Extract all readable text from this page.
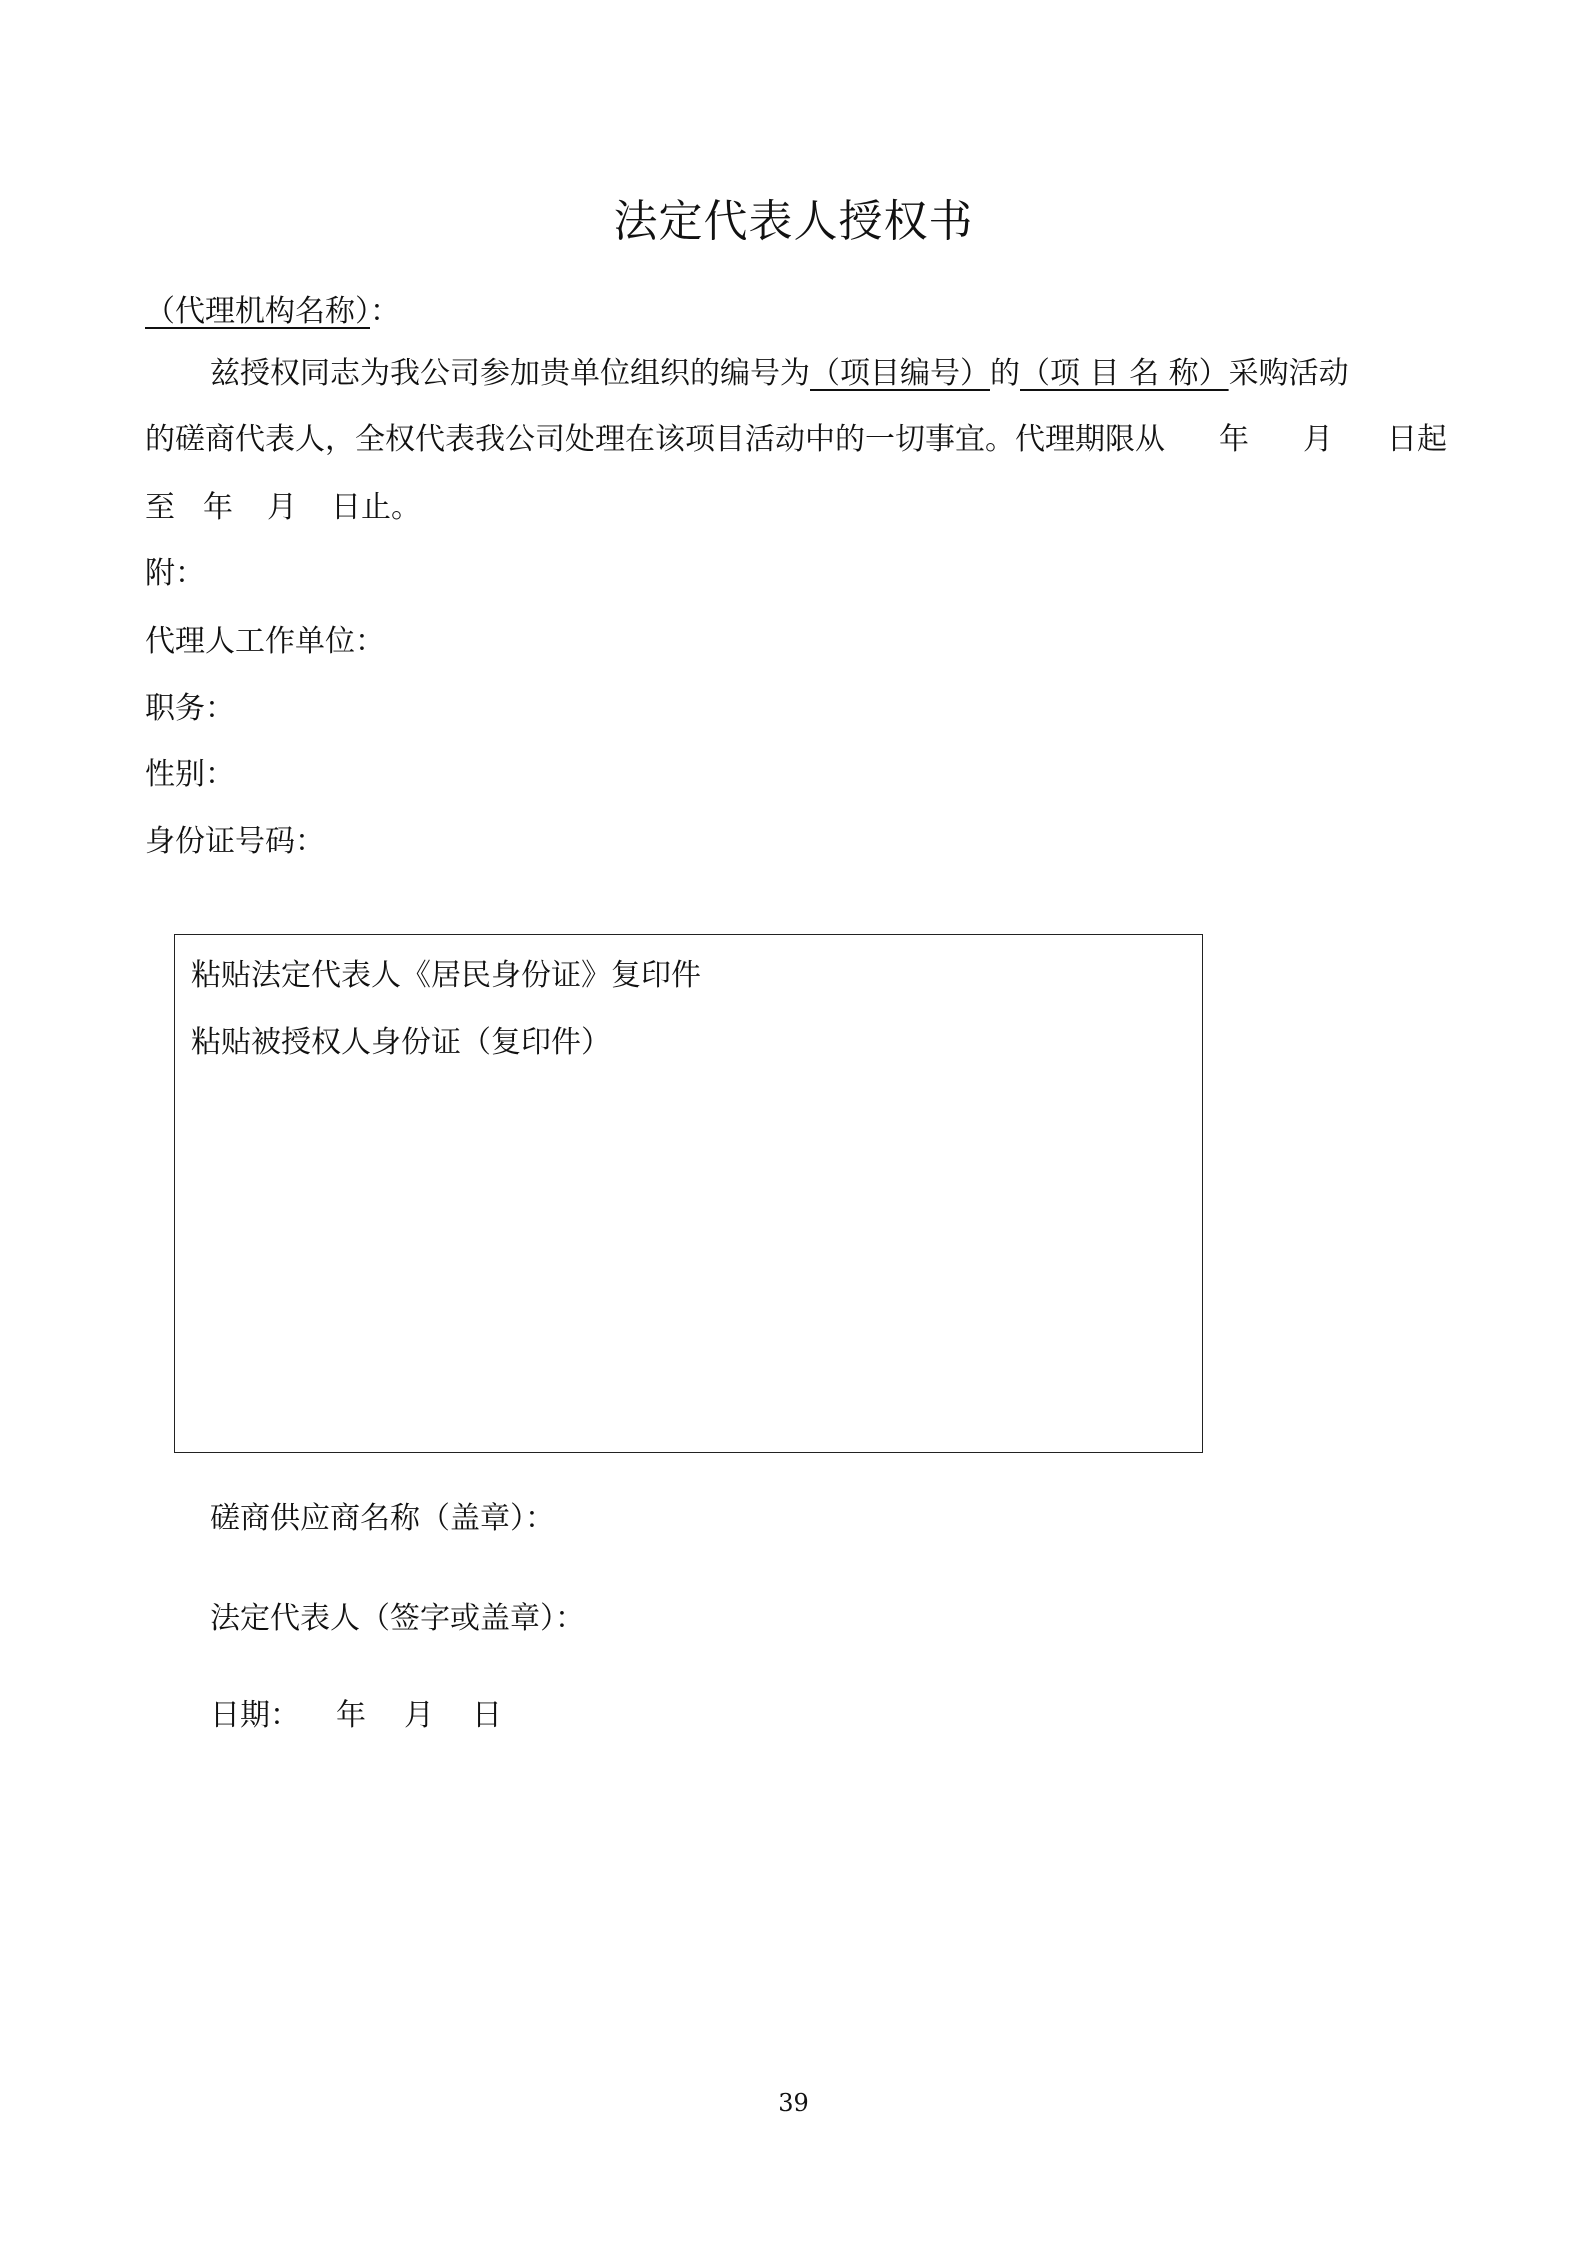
法定代表人授权书
（代理机构名称）：
兹授权同志为我公司参加贵单位组织的编号为（项目编号）的（项 目 名 称）采购活动
的磋商代表人，全权代表我公司处理在该项目活动中的一切事宜。代理期限从 年 月 日起
至 年 月 日止。
附：
代理人工作单位：
职务：
性别：
身份证号码：
粘贴法定代表人《居民身份证》复印件
粘贴被授权人身份证（复印件）
磋商供应商名称（盖章）：
法定代表人（签字或盖章）：
日期： 年 月 日
39
